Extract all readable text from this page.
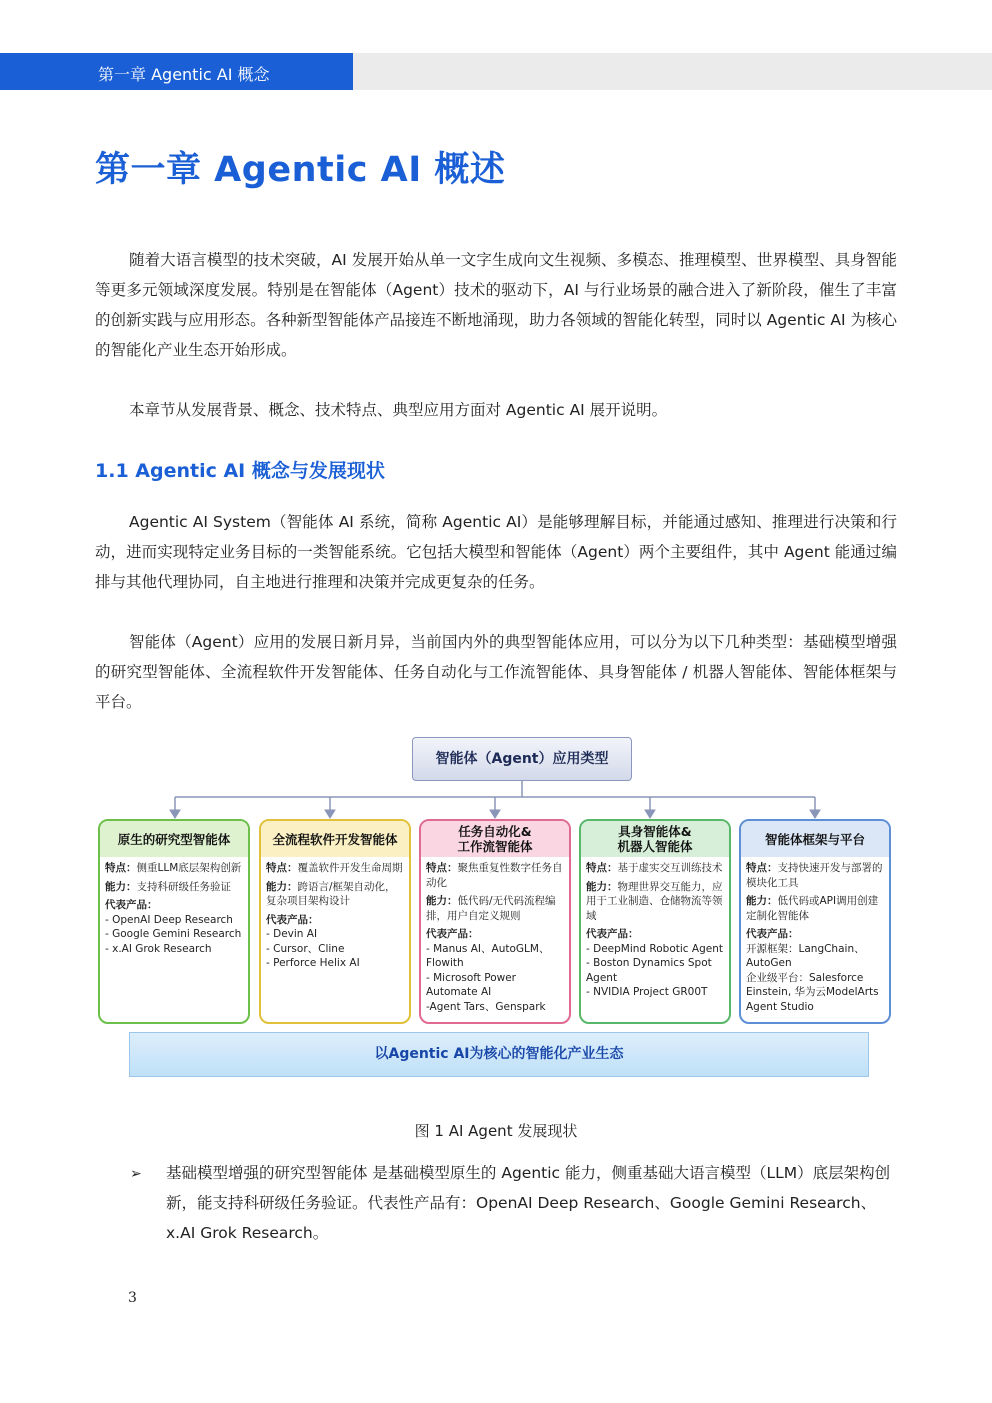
第一章 Agentic AI 概念
第一章 Agentic AI 概述
随着大语言模型的技术突破，AI 发展开始从单一文字生成向文生视频、多模态、推理模型、世界模型、具身智能等更多元领域深度发展。特别是在智能体（Agent）技术的驱动下，AI 与行业场景的融合进入了新阶段，催生了丰富的创新实践与应用形态。各种新型智能体产品接连不断地涌现，助力各领域的智能化转型，同时以 Agentic AI 为核心的智能化产业生态开始形成。
本章节从发展背景、概念、技术特点、典型应用方面对 Agentic AI 展开说明。
1.1 Agentic AI 概念与发展现状
Agentic AI System（智能体 AI 系统，简称 Agentic AI）是能够理解目标，并能通过感知、推理进行决策和行动，进而实现特定业务目标的一类智能系统。它包括大模型和智能体（Agent）两个主要组件，其中 Agent 能通过编排与其他代理协同，自主地进行推理和决策并完成更复杂的任务。
智能体（Agent）应用的发展日新月异，当前国内外的典型智能体应用，可以分为以下几种类型：基础模型增强的研究型智能体、全流程软件开发智能体、任务自动化与工作流智能体、具身智能体 / 机器人智能体、智能体框架与平台。
智能体（Agent）应用类型
原生的研究型智能体
特点：侧重LLM底层架构创新
能力：支持科研级任务验证
代表产品：
- OpenAI Deep Research
- Google Gemini Research
- x.AI Grok Research
全流程软件开发智能体
特点：覆盖软件开发生命周期
能力：跨语言/框架自动化，复杂项目架构设计
代表产品：
- Devin AI
- Cursor、Cline
- Perforce Helix AI
任务自动化&
工作流智能体
特点：聚焦重复性数字任务自动化
能力：低代码/无代码流程编排，用户自定义规则
代表产品：
- Manus AI、AutoGLM、Flowith
- Microsoft Power Automate AI
-Agent Tars、Genspark
具身智能体&
机器人智能体
特点：基于虚实交互训练技术
能力：物理世界交互能力，应用于工业制造、仓储物流等领域
代表产品：
- DeepMind Robotic Agent
- Boston Dynamics Spot Agent
- NVIDIA Project GR00T
智能体框架与平台
特点：支持快速开发与部署的模块化工具
能力：低代码或API调用创建定制化智能体
代表产品：
开源框架：LangChain、AutoGen
企业级平台：Salesforce Einstein, 华为云ModelArts Agent Studio
以Agentic AI为核心的智能化产业生态
图 1 AI Agent 发展现状
➢ 基础模型增强的研究型智能体 是基础模型原生的 Agentic 能力，侧重基础大语言模型（LLM）底层架构创新，能支持科研级任务验证。代表性产品有：OpenAI Deep Research、Google Gemini Research、x.AI Grok Research。
3
